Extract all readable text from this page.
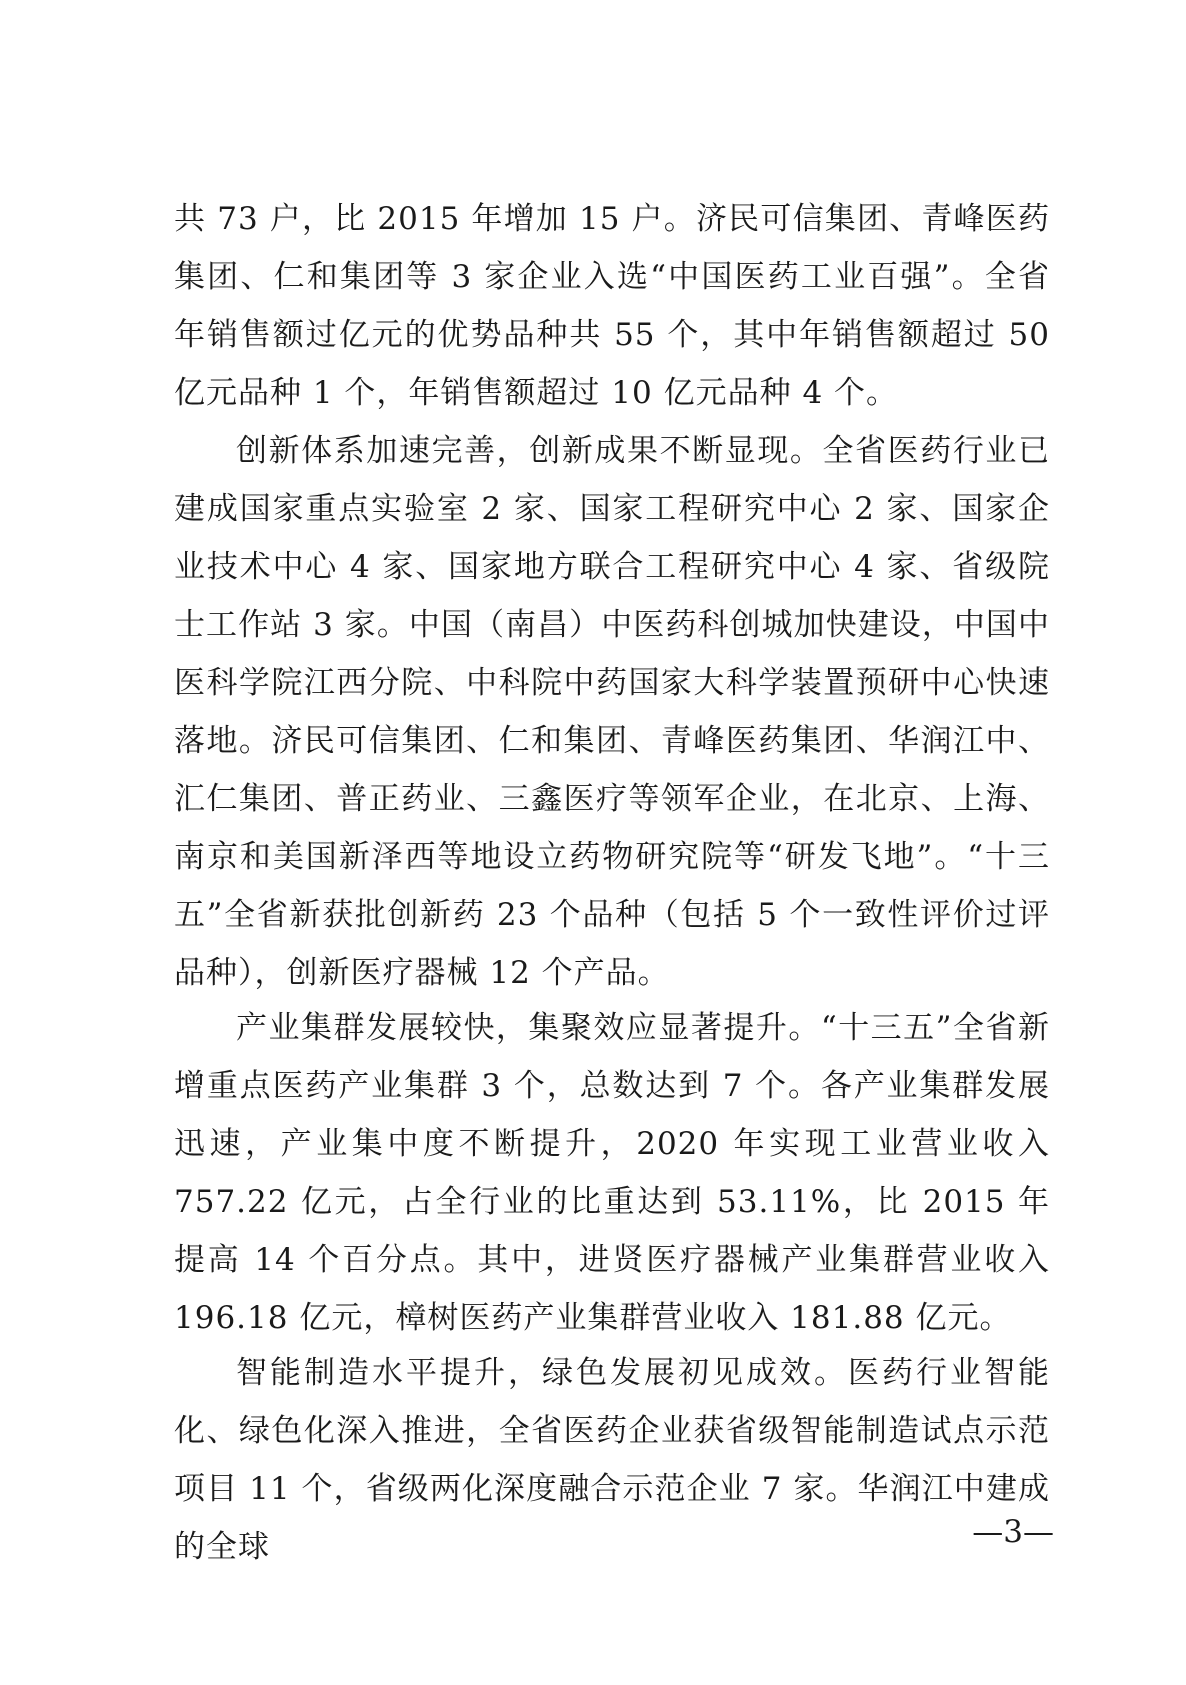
共 73 户，比 2015 年增加 15 户。济民可信集团、青峰医药集团、仁和集团等 3 家企业入选“中国医药工业百强”。全省年销售额过亿元的优势品种共 55 个，其中年销售额超过 50 亿元品种 1 个，年销售额超过 10 亿元品种 4 个。

创新体系加速完善，创新成果不断显现。全省医药行业已建成国家重点实验室 2 家、国家工程研究中心 2 家、国家企业技术中心 4 家、国家地方联合工程研究中心 4 家、省级院士工作站 3 家。中国（南昌）中医药科创城加快建设，中国中医科学院江西分院、中科院中药国家大科学装置预研中心快速落地。济民可信集团、仁和集团、青峰医药集团、华润江中、汇仁集团、普正药业、三鑫医疗等领军企业，在北京、上海、南京和美国新泽西等地设立药物研究院等“研发飞地”。“十三五”全省新获批创新药 23 个品种（包括 5 个一致性评价过评品种），创新医疗器械 12 个产品。

产业集群发展较快，集聚效应显著提升。“十三五”全省新增重点医药产业集群 3 个，总数达到 7 个。各产业集群发展迅速，产业集中度不断提升，2020 年实现工业营业收入 757.22 亿元，占全行业的比重达到 53.11%，比 2015 年提高 14 个百分点。其中，进贤医疗器械产业集群营业收入 196.18 亿元，樟树医药产业集群营业收入 181.88 亿元。

智能制造水平提升，绿色发展初见成效。医药行业智能化、绿色化深入推进，全省医药企业获省级智能制造试点示范项目 11 个，省级两化深度融合示范企业 7 家。华润江中建成的全球	—3—
